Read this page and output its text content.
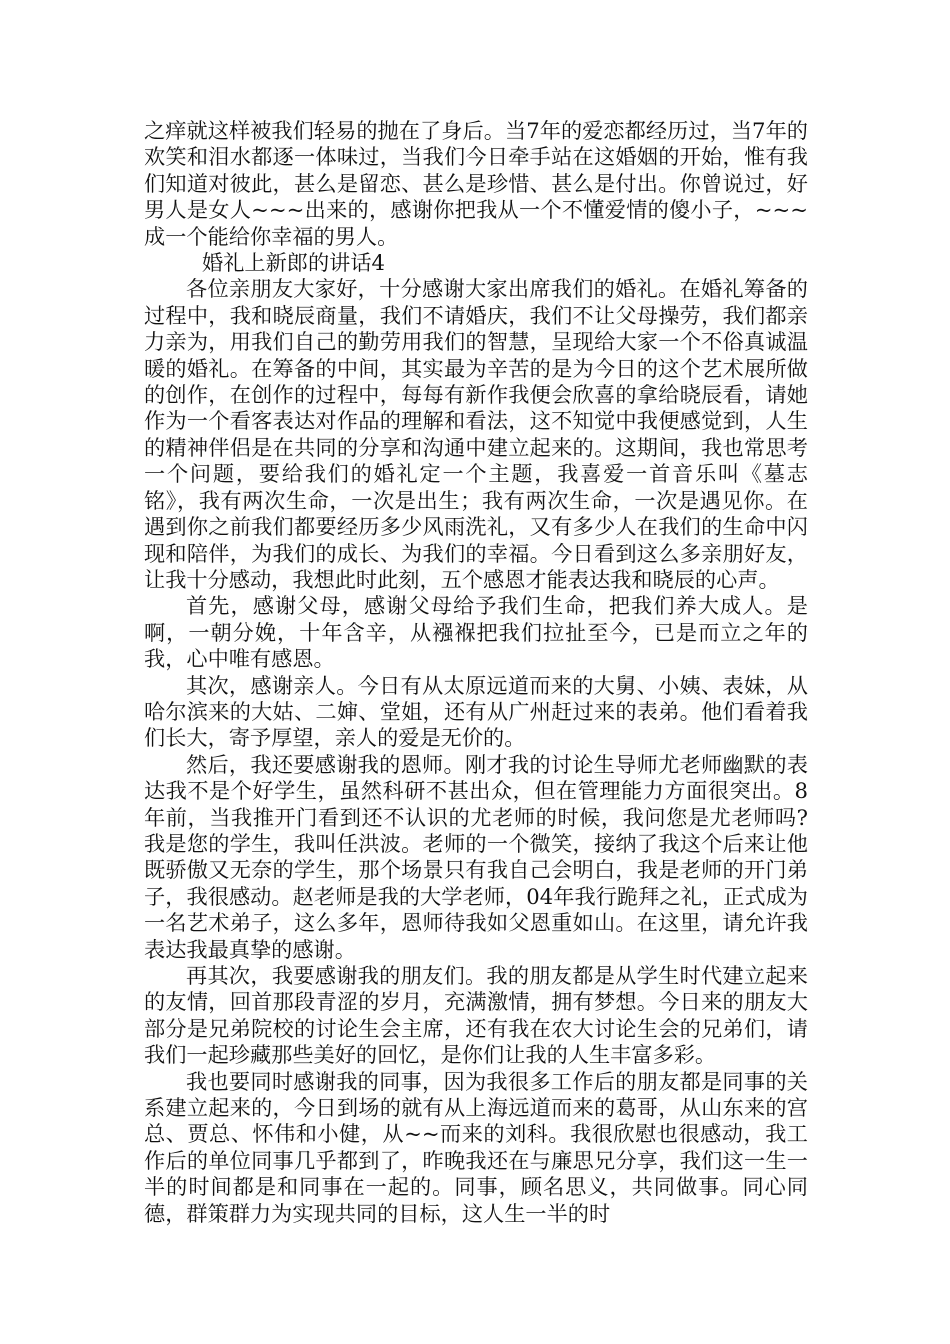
之痒就这样被我们轻易的抛在了身后。当7年的爱恋都经历过，当7年的欢笑和泪水都逐一体味过，当我们今日牵手站在这婚姻的开始，惟有我们知道对彼此，甚么是留恋、甚么是珍惜、甚么是付出。你曾说过，好男人是女人~~~出来的，感谢你把我从一个不懂爱情的傻小子，~~~成一个能给你幸福的男人。

婚礼上新郎的讲话4

各位亲朋友大家好，十分感谢大家出席我们的婚礼。在婚礼筹备的过程中，我和晓辰商量，我们不请婚庆，我们不让父母操劳，我们都亲力亲为，用我们自己的勤劳用我们的智慧，呈现给大家一个不俗真诚温暖的婚礼。在筹备的中间，其实最为辛苦的是为今日的这个艺术展所做的创作，在创作的过程中，每每有新作我便会欣喜的拿给晓辰看，请她作为一个看客表达对作品的理解和看法，这不知觉中我便感觉到，人生的精神伴侣是在共同的分享和沟通中建立起来的。这期间，我也常思考一个问题，要给我们的婚礼定一个主题，我喜爱一首音乐叫《墓志铭》，我有两次生命，一次是出生；我有两次生命，一次是遇见你。在遇到你之前我们都要经历多少风雨洗礼，又有多少人在我们的生命中闪现和陪伴，为我们的成长、为我们的幸福。今日看到这么多亲朋好友，让我十分感动，我想此时此刻，五个感恩才能表达我和晓辰的心声。

首先，感谢父母，感谢父母给予我们生命，把我们养大成人。是啊，一朝分娩，十年含辛，从襁褓把我们拉扯至今，已是而立之年的我，心中唯有感恩。

其次，感谢亲人。今日有从太原远道而来的大舅、小姨、表妹，从哈尔滨来的大姑、二婶、堂姐，还有从广州赶过来的表弟。他们看着我们长大，寄予厚望，亲人的爱是无价的。

然后，我还要感谢我的恩师。刚才我的讨论生导师尤老师幽默的表达我不是个好学生，虽然科研不甚出众，但在管理能力方面很突出。8年前，当我推开门看到还不认识的尤老师的时候，我问您是尤老师吗?我是您的学生，我叫任洪波。老师的一个微笑，接纳了我这个后来让他既骄傲又无奈的学生，那个场景只有我自己会明白，我是老师的开门弟子，我很感动。赵老师是我的大学老师，04年我行跪拜之礼，正式成为一名艺术弟子，这么多年，恩师待我如父恩重如山。在这里，请允许我表达我最真挚的感谢。

再其次，我要感谢我的朋友们。我的朋友都是从学生时代建立起来的友情，回首那段青涩的岁月，充满激情，拥有梦想。今日来的朋友大部分是兄弟院校的讨论生会主席，还有我在农大讨论生会的兄弟们，请我们一起珍藏那些美好的回忆，是你们让我的人生丰富多彩。

我也要同时感谢我的同事，因为我很多工作后的朋友都是同事的关系建立起来的，今日到场的就有从上海远道而来的葛哥，从山东来的宫总、贾总、怀伟和小健，从~~而来的刘科。我很欣慰也很感动，我工作后的单位同事几乎都到了，昨晚我还在与廉思兄分享，我们这一生一半的时间都是和同事在一起的。同事，顾名思义，共同做事。同心同德，群策群力为实现共同的目标，这人生一半的时
